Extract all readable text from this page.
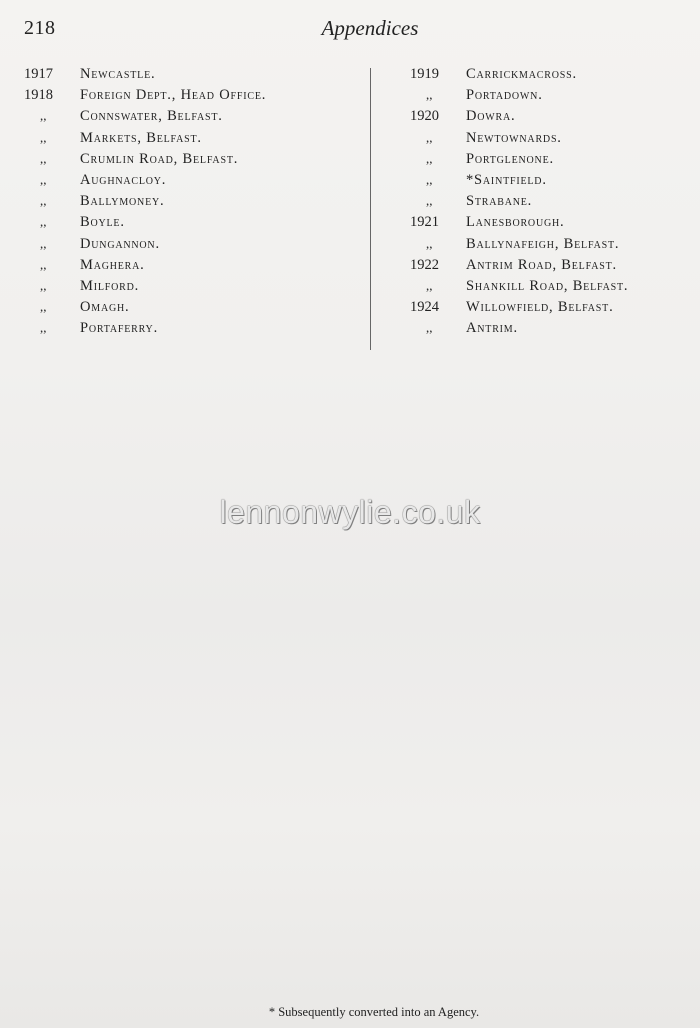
218	Appendices
1917	Newcastle.
1918	Foreign Dept., Head Office.
,,	Connswater, Belfast.
,,	Markets, Belfast.
,,	Crumlin Road, Belfast.
,,	Aughnacloy.
,,	Ballymoney.
,,	Boyle.
,,	Dungannon.
,,	Maghera.
,,	Milford.
,,	Omagh.
,,	Portaferry.
1919	Carrickmacross.
,,	Portadown.
1920	Dowra.
,,	Newtownards.
,,	Portglenone.
,,	*Saintfield.
,,	Strabane.
1921	Lanesborough.
,,	Ballynafeigh, Belfast.
1922	Antrim Road, Belfast.
,,	Shankill Road, Belfast.
1924	Willowfield, Belfast.
,,	Antrim.
lennonwylie.co.uk
* Subsequently converted into an Agency.
